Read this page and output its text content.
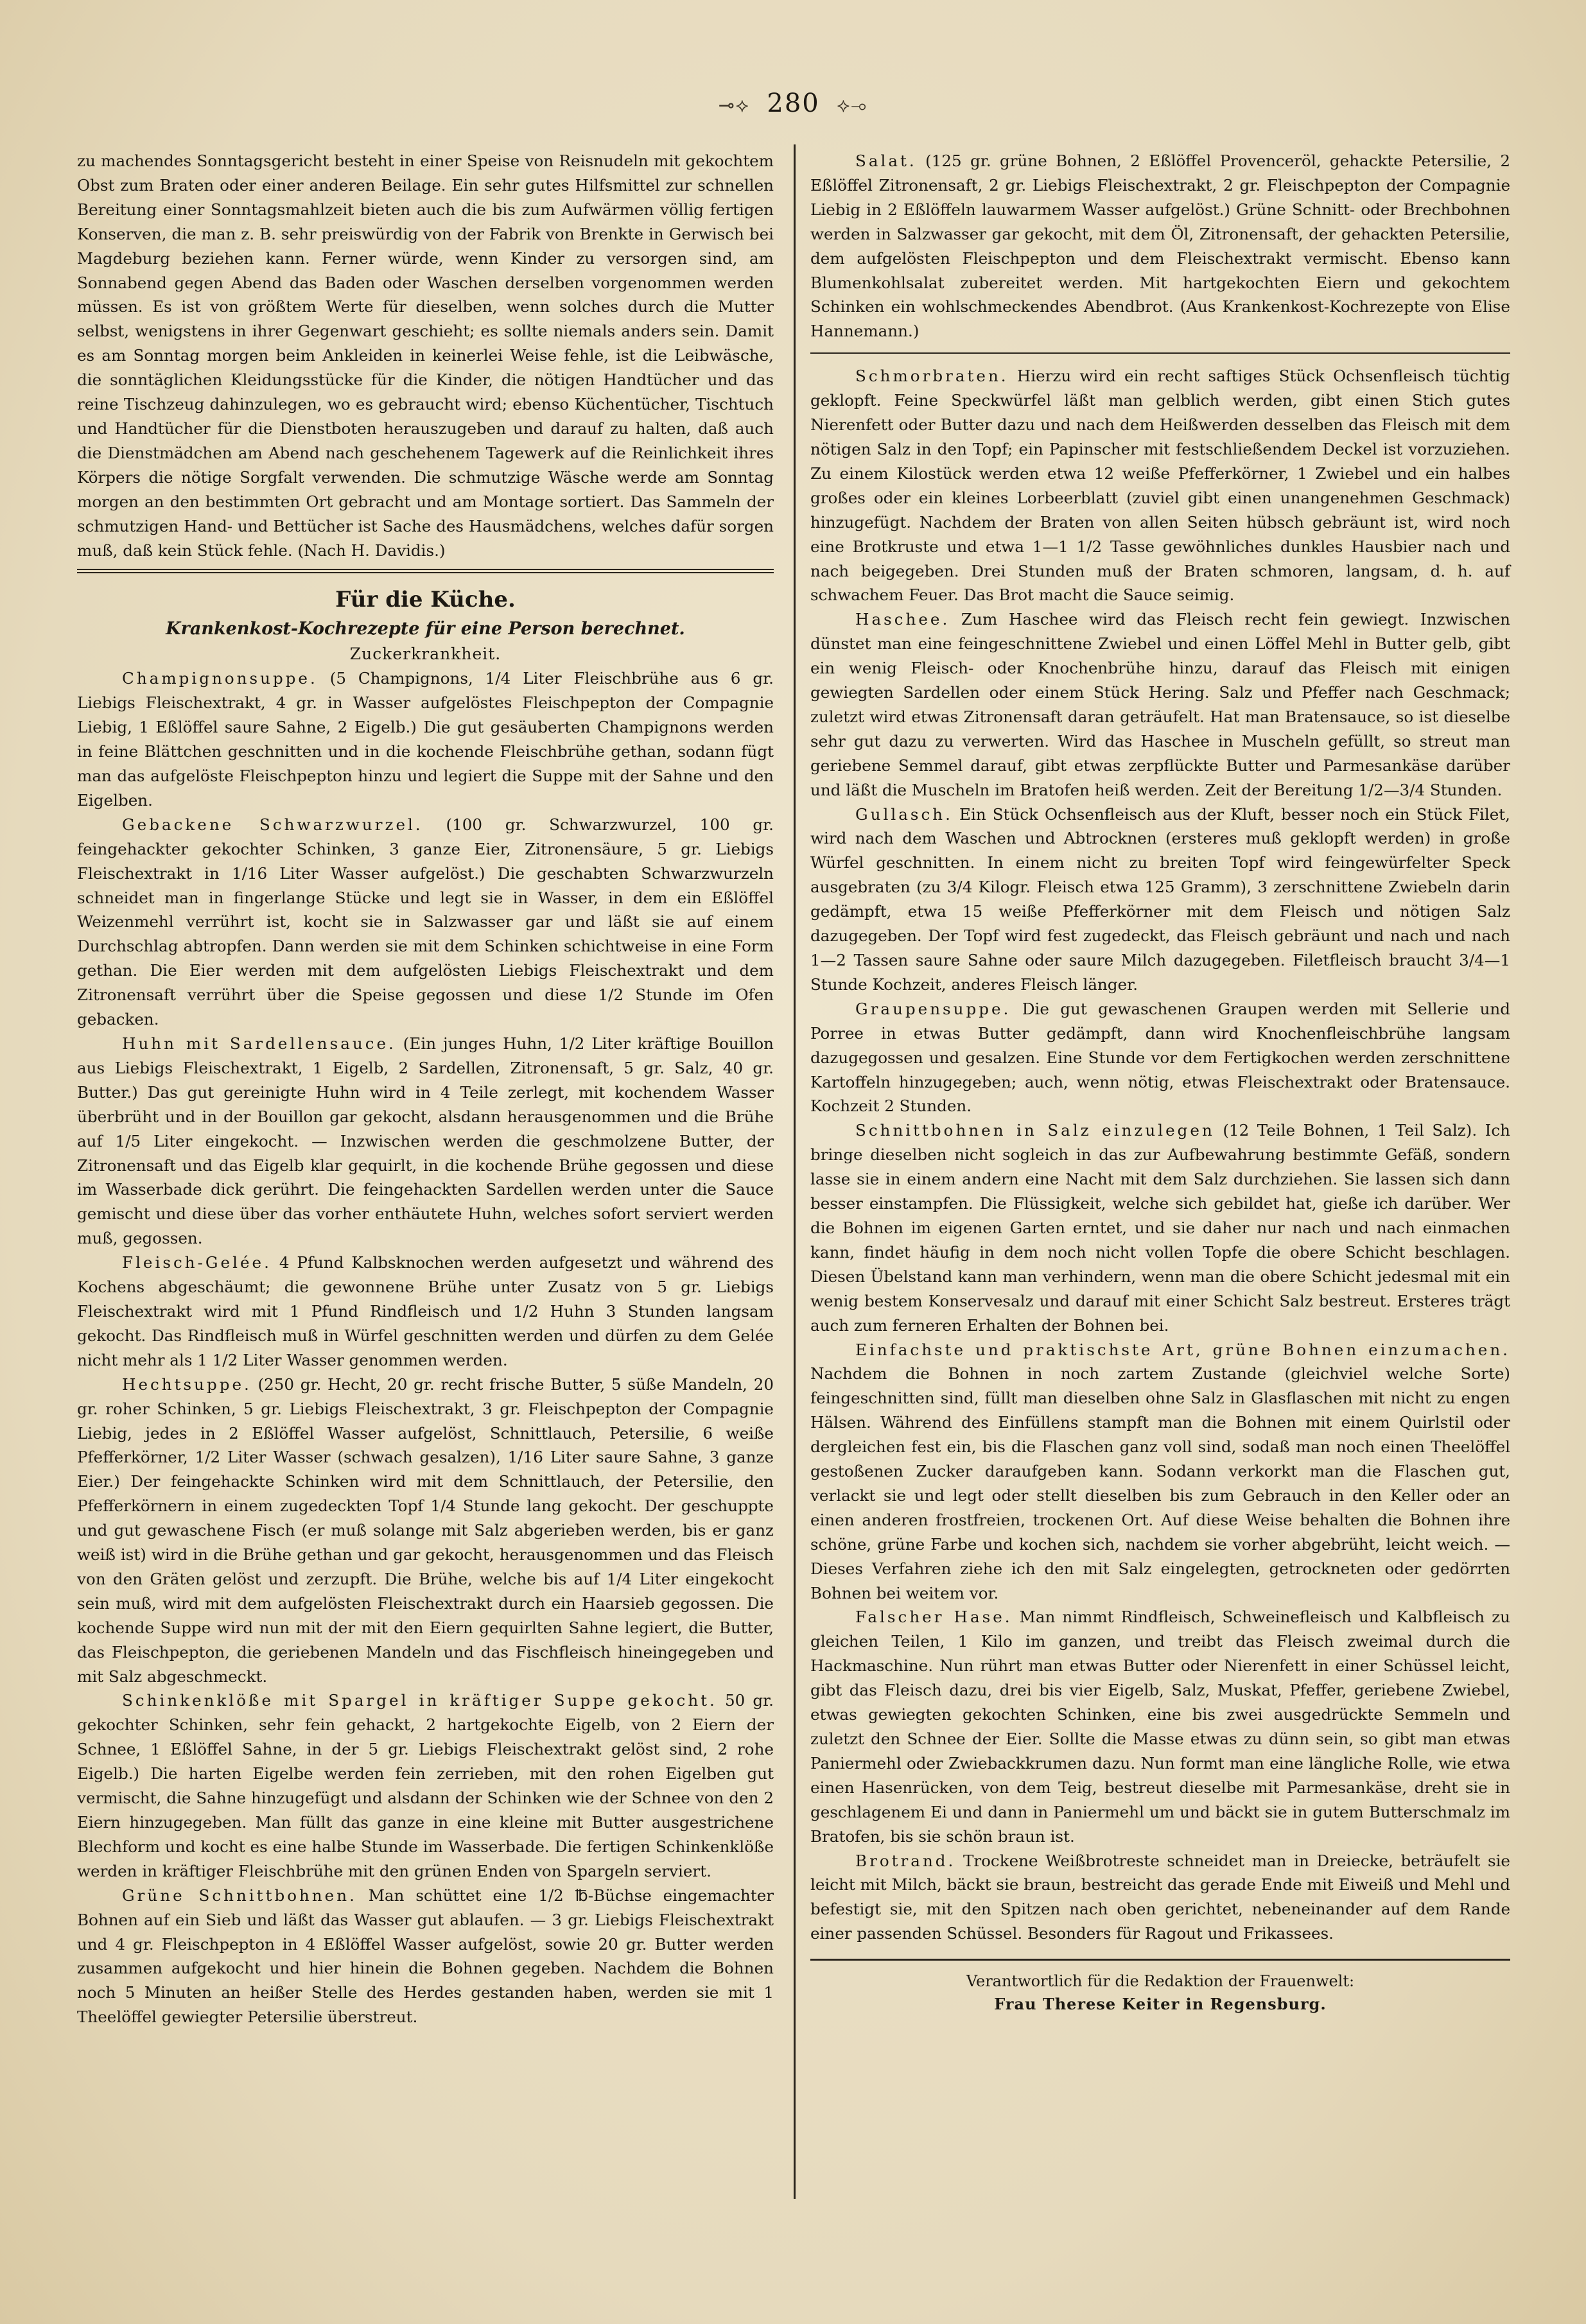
⊸⟡ 280 ⟡⊸

zu machendes Sonntagsgericht besteht in einer Speise von Reisnudeln mit gekochtem Obst zum Braten oder einer anderen Beilage. Ein sehr gutes Hilfsmittel zur schnellen Bereitung einer Sonntagsmahlzeit bieten auch die bis zum Aufwärmen völlig fertigen Konserven, die man z. B. sehr preiswürdig von der Fabrik von Brenkte in Gerwisch bei Magdeburg beziehen kann. Ferner würde, wenn Kinder zu versorgen sind, am Sonnabend gegen Abend das Baden oder Waschen derselben vorgenommen werden müssen. Es ist von größtem Werte für dieselben, wenn solches durch die Mutter selbst, wenigstens in ihrer Gegenwart geschieht; es sollte niemals anders sein. Damit es am Sonntag morgen beim Ankleiden in keinerlei Weise fehle, ist die Leibwäsche, die sonntäglichen Kleidungsstücke für die Kinder, die nötigen Handtücher und das reine Tischzeug dahinzulegen, wo es gebraucht wird; ebenso Küchentücher, Tischtuch und Handtücher für die Dienstboten herauszugeben und darauf zu halten, daß auch die Dienstmädchen am Abend nach geschehenem Tagewerk auf die Reinlichkeit ihres Körpers die nötige Sorgfalt verwenden. Die schmutzige Wäsche werde am Sonntag morgen an den bestimmten Ort gebracht und am Montage sortiert. Das Sammeln der schmutzigen Hand- und Bettücher ist Sache des Hausmädchens, welches dafür sorgen muß, daß kein Stück fehle. (Nach H. Davidis.)

Für die Küche.
Krankenkost-Kochrezepte für eine Person berechnet.
Zuckerkrankheit.

Champignonsuppe. (5 Champignons, 1/4 Liter Fleischbrühe aus 6 gr. Liebigs Fleischextrakt, 4 gr. in Wasser aufgelöstes Fleischpepton der Compagnie Liebig, 1 Eßlöffel saure Sahne, 2 Eigelb.) Die gut gesäuberten Champignons werden in feine Blättchen geschnitten und in die kochende Fleischbrühe gethan, sodann fügt man das aufgelöste Fleischpepton hinzu und legiert die Suppe mit der Sahne und den Eigelben.

Gebackene Schwarzwurzel. (100 gr. Schwarzwurzel, 100 gr. feingehackter gekochter Schinken, 3 ganze Eier, Zitronensäure, 5 gr. Liebigs Fleischextrakt in 1/16 Liter Wasser aufgelöst.) Die geschabten Schwarzwurzeln schneidet man in fingerlange Stücke und legt sie in Wasser, in dem ein Eßlöffel Weizenmehl verrührt ist, kocht sie in Salzwasser gar und läßt sie auf einem Durchschlag abtropfen. Dann werden sie mit dem Schinken schichtweise in eine Form gethan. Die Eier werden mit dem aufgelösten Liebigs Fleischextrakt und dem Zitronensaft verrührt über die Speise gegossen und diese 1/2 Stunde im Ofen gebacken.

Huhn mit Sardellensauce. (Ein junges Huhn, 1/2 Liter kräftige Bouillon aus Liebigs Fleischextrakt, 1 Eigelb, 2 Sardellen, Zitronensaft, 5 gr. Salz, 40 gr. Butter.) Das gut gereinigte Huhn wird in 4 Teile zerlegt, mit kochendem Wasser überbrüht und in der Bouillon gar gekocht, alsdann herausgenommen und die Brühe auf 1/5 Liter eingekocht. — Inzwischen werden die geschmolzene Butter, der Zitronensaft und das Eigelb klar gequirlt, in die kochende Brühe gegossen und diese im Wasserbade dick gerührt. Die feingehackten Sardellen werden unter die Sauce gemischt und diese über das vorher enthäutete Huhn, welches sofort serviert werden muß, gegossen.

Fleisch-Gelée. 4 Pfund Kalbsknochen werden aufgesetzt und während des Kochens abgeschäumt; die gewonnene Brühe unter Zusatz von 5 gr. Liebigs Fleischextrakt wird mit 1 Pfund Rindfleisch und 1/2 Huhn 3 Stunden langsam gekocht. Das Rindfleisch muß in Würfel geschnitten werden und dürfen zu dem Gelée nicht mehr als 1 1/2 Liter Wasser genommen werden.

Hechtsuppe. (250 gr. Hecht, 20 gr. recht frische Butter, 5 süße Mandeln, 20 gr. roher Schinken, 5 gr. Liebigs Fleischextrakt, 3 gr. Fleischpepton der Compagnie Liebig, jedes in 2 Eßlöffel Wasser aufgelöst, Schnittlauch, Petersilie, 6 weiße Pfefferkörner, 1/2 Liter Wasser (schwach gesalzen), 1/16 Liter saure Sahne, 3 ganze Eier.) Der feingehackte Schinken wird mit dem Schnittlauch, der Petersilie, den Pfefferkörnern in einem zugedeckten Topf 1/4 Stunde lang gekocht. Der geschuppte und gut gewaschene Fisch (er muß solange mit Salz abgerieben werden, bis er ganz weiß ist) wird in die Brühe gethan und gar gekocht, herausgenommen und das Fleisch von den Gräten gelöst und zerzupft. Die Brühe, welche bis auf 1/4 Liter eingekocht sein muß, wird mit dem aufgelösten Fleischextrakt durch ein Haarsieb gegossen. Die kochende Suppe wird nun mit der mit den Eiern gequirlten Sahne legiert, die Butter, das Fleischpepton, die geriebenen Mandeln und das Fischfleisch hineingegeben und mit Salz abgeschmeckt.

Schinkenklöße mit Spargel in kräftiger Suppe gekocht. 50 gr. gekochter Schinken, sehr fein gehackt, 2 hartgekochte Eigelb, von 2 Eiern der Schnee, 1 Eßlöffel Sahne, in der 5 gr. Liebigs Fleischextrakt gelöst sind, 2 rohe Eigelb.) Die harten Eigelbe werden fein zerrieben, mit den rohen Eigelben gut vermischt, die Sahne hinzugefügt und alsdann der Schinken wie der Schnee von den 2 Eiern hinzugegeben. Man füllt das ganze in eine kleine mit Butter ausgestrichene Blechform und kocht es eine halbe Stunde im Wasserbade. Die fertigen Schinkenklöße werden in kräftiger Fleischbrühe mit den grünen Enden von Spargeln serviert.

Grüne Schnittbohnen. Man schüttet eine 1/2 ℔-Büchse eingemachter Bohnen auf ein Sieb und läßt das Wasser gut ablaufen. — 3 gr. Liebigs Fleischextrakt und 4 gr. Fleischpepton in 4 Eßlöffel Wasser aufgelöst, sowie 20 gr. Butter werden zusammen aufgekocht und hier hinein die Bohnen gegeben. Nachdem die Bohnen noch 5 Minuten an heißer Stelle des Herdes gestanden haben, werden sie mit 1 Theelöffel gewiegter Petersilie überstreut.

Salat. (125 gr. grüne Bohnen, 2 Eßlöffel Provenceröl, gehackte Petersilie, 2 Eßlöffel Zitronensaft, 2 gr. Liebigs Fleischextrakt, 2 gr. Fleischpepton der Compagnie Liebig in 2 Eßlöffeln lauwarmem Wasser aufgelöst.) Grüne Schnitt- oder Brechbohnen werden in Salzwasser gar gekocht, mit dem Öl, Zitronensaft, der gehackten Petersilie, dem aufgelösten Fleischpepton und dem Fleischextrakt vermischt. Ebenso kann Blumenkohlsalat zubereitet werden. Mit hartgekochten Eiern und gekochtem Schinken ein wohlschmeckendes Abendbrot. (Aus Krankenkost-Kochrezepte von Elise Hannemann.)

Schmorbraten. Hierzu wird ein recht saftiges Stück Ochsenfleisch tüchtig geklopft. Feine Speckwürfel läßt man gelblich werden, gibt einen Stich gutes Nierenfett oder Butter dazu und nach dem Heißwerden desselben das Fleisch mit dem nötigen Salz in den Topf; ein Papinscher mit festschließendem Deckel ist vorzuziehen. Zu einem Kilostück werden etwa 12 weiße Pfefferkörner, 1 Zwiebel und ein halbes großes oder ein kleines Lorbeerblatt (zuviel gibt einen unangenehmen Geschmack) hinzugefügt. Nachdem der Braten von allen Seiten hübsch gebräunt ist, wird noch eine Brotkruste und etwa 1—1 1/2 Tasse gewöhnliches dunkles Hausbier nach und nach beigegeben. Drei Stunden muß der Braten schmoren, langsam, d. h. auf schwachem Feuer. Das Brot macht die Sauce seimig.

Haschee. Zum Haschee wird das Fleisch recht fein gewiegt. Inzwischen dünstet man eine feingeschnittene Zwiebel und einen Löffel Mehl in Butter gelb, gibt ein wenig Fleisch- oder Knochenbrühe hinzu, darauf das Fleisch mit einigen gewiegten Sardellen oder einem Stück Hering. Salz und Pfeffer nach Geschmack; zuletzt wird etwas Zitronensaft daran geträufelt. Hat man Bratensauce, so ist dieselbe sehr gut dazu zu verwerten. Wird das Haschee in Muscheln gefüllt, so streut man geriebene Semmel darauf, gibt etwas zerpflückte Butter und Parmesankäse darüber und läßt die Muscheln im Bratofen heiß werden. Zeit der Bereitung 1/2—3/4 Stunden.

Gullasch. Ein Stück Ochsenfleisch aus der Kluft, besser noch ein Stück Filet, wird nach dem Waschen und Abtrocknen (ersteres muß geklopft werden) in große Würfel geschnitten. In einem nicht zu breiten Topf wird feingewürfelter Speck ausgebraten (zu 3/4 Kilogr. Fleisch etwa 125 Gramm), 3 zerschnittene Zwiebeln darin gedämpft, etwa 15 weiße Pfefferkörner mit dem Fleisch und nötigen Salz dazugegeben. Der Topf wird fest zugedeckt, das Fleisch gebräunt und nach und nach 1—2 Tassen saure Sahne oder saure Milch dazugegeben. Filetfleisch braucht 3/4—1 Stunde Kochzeit, anderes Fleisch länger.

Graupensuppe. Die gut gewaschenen Graupen werden mit Sellerie und Porree in etwas Butter gedämpft, dann wird Knochenfleischbrühe langsam dazugegossen und gesalzen. Eine Stunde vor dem Fertigkochen werden zerschnittene Kartoffeln hinzugegeben; auch, wenn nötig, etwas Fleischextrakt oder Bratensauce. Kochzeit 2 Stunden.

Schnittbohnen in Salz einzulegen (12 Teile Bohnen, 1 Teil Salz). Ich bringe dieselben nicht sogleich in das zur Aufbewahrung bestimmte Gefäß, sondern lasse sie in einem andern eine Nacht mit dem Salz durchziehen. Sie lassen sich dann besser einstampfen. Die Flüssigkeit, welche sich gebildet hat, gieße ich darüber. Wer die Bohnen im eigenen Garten erntet, und sie daher nur nach und nach einmachen kann, findet häufig in dem noch nicht vollen Topfe die obere Schicht beschlagen. Diesen Übelstand kann man verhindern, wenn man die obere Schicht jedesmal mit ein wenig bestem Konservesalz und darauf mit einer Schicht Salz bestreut. Ersteres trägt auch zum ferneren Erhalten der Bohnen bei.

Einfachste und praktischste Art, grüne Bohnen einzumachen. Nachdem die Bohnen in noch zartem Zustande (gleichviel welche Sorte) feingeschnitten sind, füllt man dieselben ohne Salz in Glasflaschen mit nicht zu engen Hälsen. Während des Einfüllens stampft man die Bohnen mit einem Quirlstil oder dergleichen fest ein, bis die Flaschen ganz voll sind, sodaß man noch einen Theelöffel gestoßenen Zucker daraufgeben kann. Sodann verkorkt man die Flaschen gut, verlackt sie und legt oder stellt dieselben bis zum Gebrauch in den Keller oder an einen anderen frostfreien, trockenen Ort. Auf diese Weise behalten die Bohnen ihre schöne, grüne Farbe und kochen sich, nachdem sie vorher abgebrüht, leicht weich. — Dieses Verfahren ziehe ich den mit Salz eingelegten, getrockneten oder gedörrten Bohnen bei weitem vor.

Falscher Hase. Man nimmt Rindfleisch, Schweinefleisch und Kalbfleisch zu gleichen Teilen, 1 Kilo im ganzen, und treibt das Fleisch zweimal durch die Hackmaschine. Nun rührt man etwas Butter oder Nierenfett in einer Schüssel leicht, gibt das Fleisch dazu, drei bis vier Eigelb, Salz, Muskat, Pfeffer, geriebene Zwiebel, etwas gewiegten gekochten Schinken, eine bis zwei ausgedrückte Semmeln und zuletzt den Schnee der Eier. Sollte die Masse etwas zu dünn sein, so gibt man etwas Paniermehl oder Zwiebackkrumen dazu. Nun formt man eine längliche Rolle, wie etwa einen Hasenrücken, von dem Teig, bestreut dieselbe mit Parmesankäse, dreht sie in geschlagenem Ei und dann in Paniermehl um und bäckt sie in gutem Butterschmalz im Bratofen, bis sie schön braun ist.

Brotrand. Trockene Weißbrotreste schneidet man in Dreiecke, beträufelt sie leicht mit Milch, bäckt sie braun, bestreicht das gerade Ende mit Eiweiß und Mehl und befestigt sie, mit den Spitzen nach oben gerichtet, nebeneinander auf dem Rande einer passenden Schüssel. Besonders für Ragout und Frikassees.

Verantwortlich für die Redaktion der Frauenwelt:
Frau Therese Keiter in Regensburg.
